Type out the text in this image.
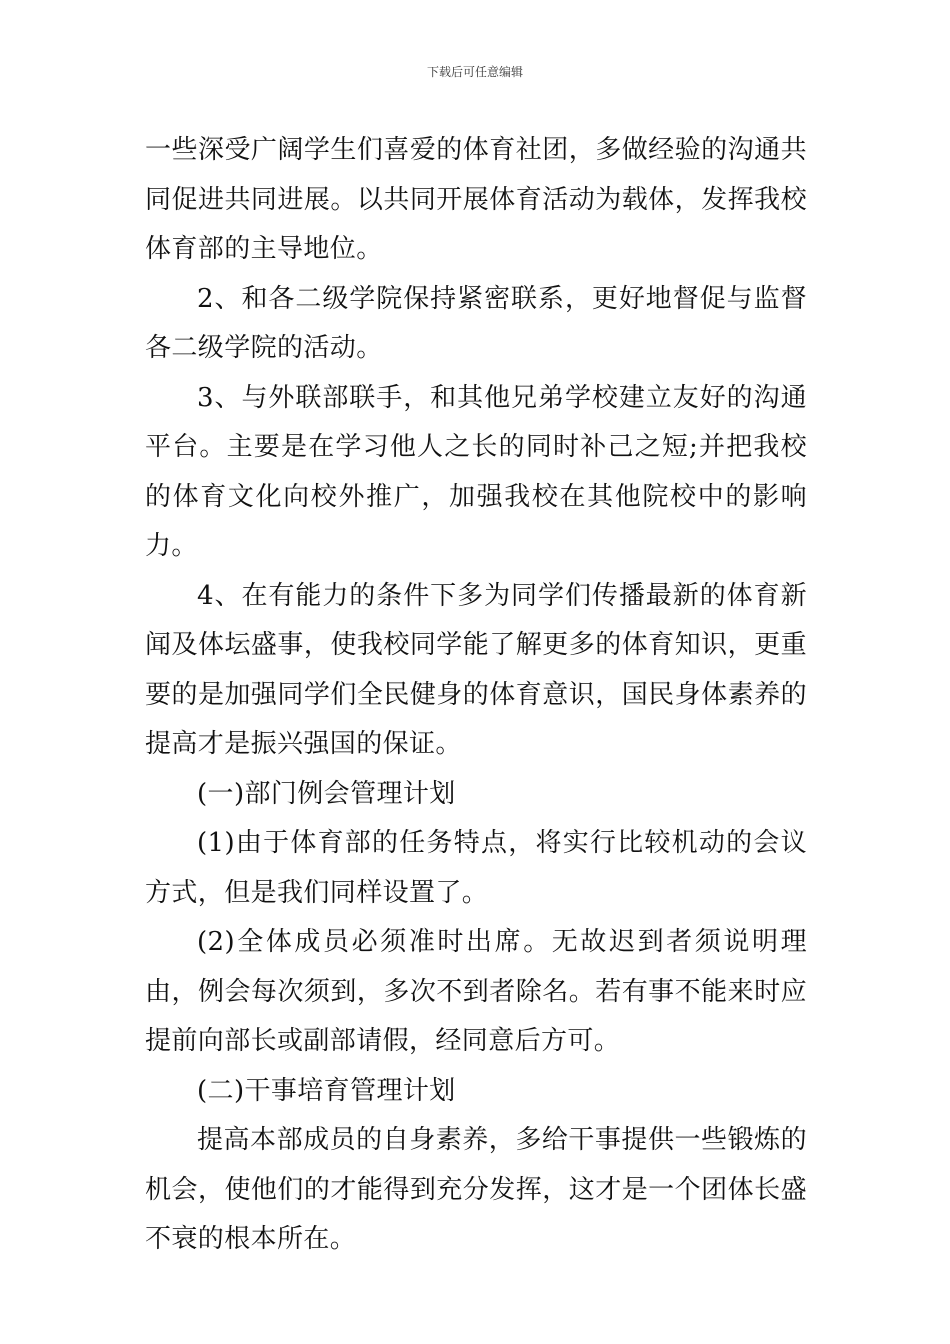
下载后可任意编辑

一些深受广阔学生们喜爱的体育社团，多做经验的沟通共同促进共同进展。以共同开展体育活动为载体，发挥我校体育部的主导地位。

2、和各二级学院保持紧密联系，更好地督促与监督各二级学院的活动。

3、与外联部联手，和其他兄弟学校建立友好的沟通平台。主要是在学习他人之长的同时补己之短;并把我校的体育文化向校外推广，加强我校在其他院校中的影响力。

4、在有能力的条件下多为同学们传播最新的体育新闻及体坛盛事，使我校同学能了解更多的体育知识，更重要的是加强同学们全民健身的体育意识，国民身体素养的提高才是振兴强国的保证。

(一)部门例会管理计划

(1)由于体育部的任务特点，将实行比较机动的会议方式，但是我们同样设置了。

(2)全体成员必须准时出席。无故迟到者须说明理由，例会每次须到，多次不到者除名。若有事不能来时应提前向部长或副部请假，经同意后方可。

(二)干事培育管理计划

提高本部成员的自身素养，多给干事提供一些锻炼的机会，使他们的才能得到充分发挥，这才是一个团体长盛不衰的根本所在。
